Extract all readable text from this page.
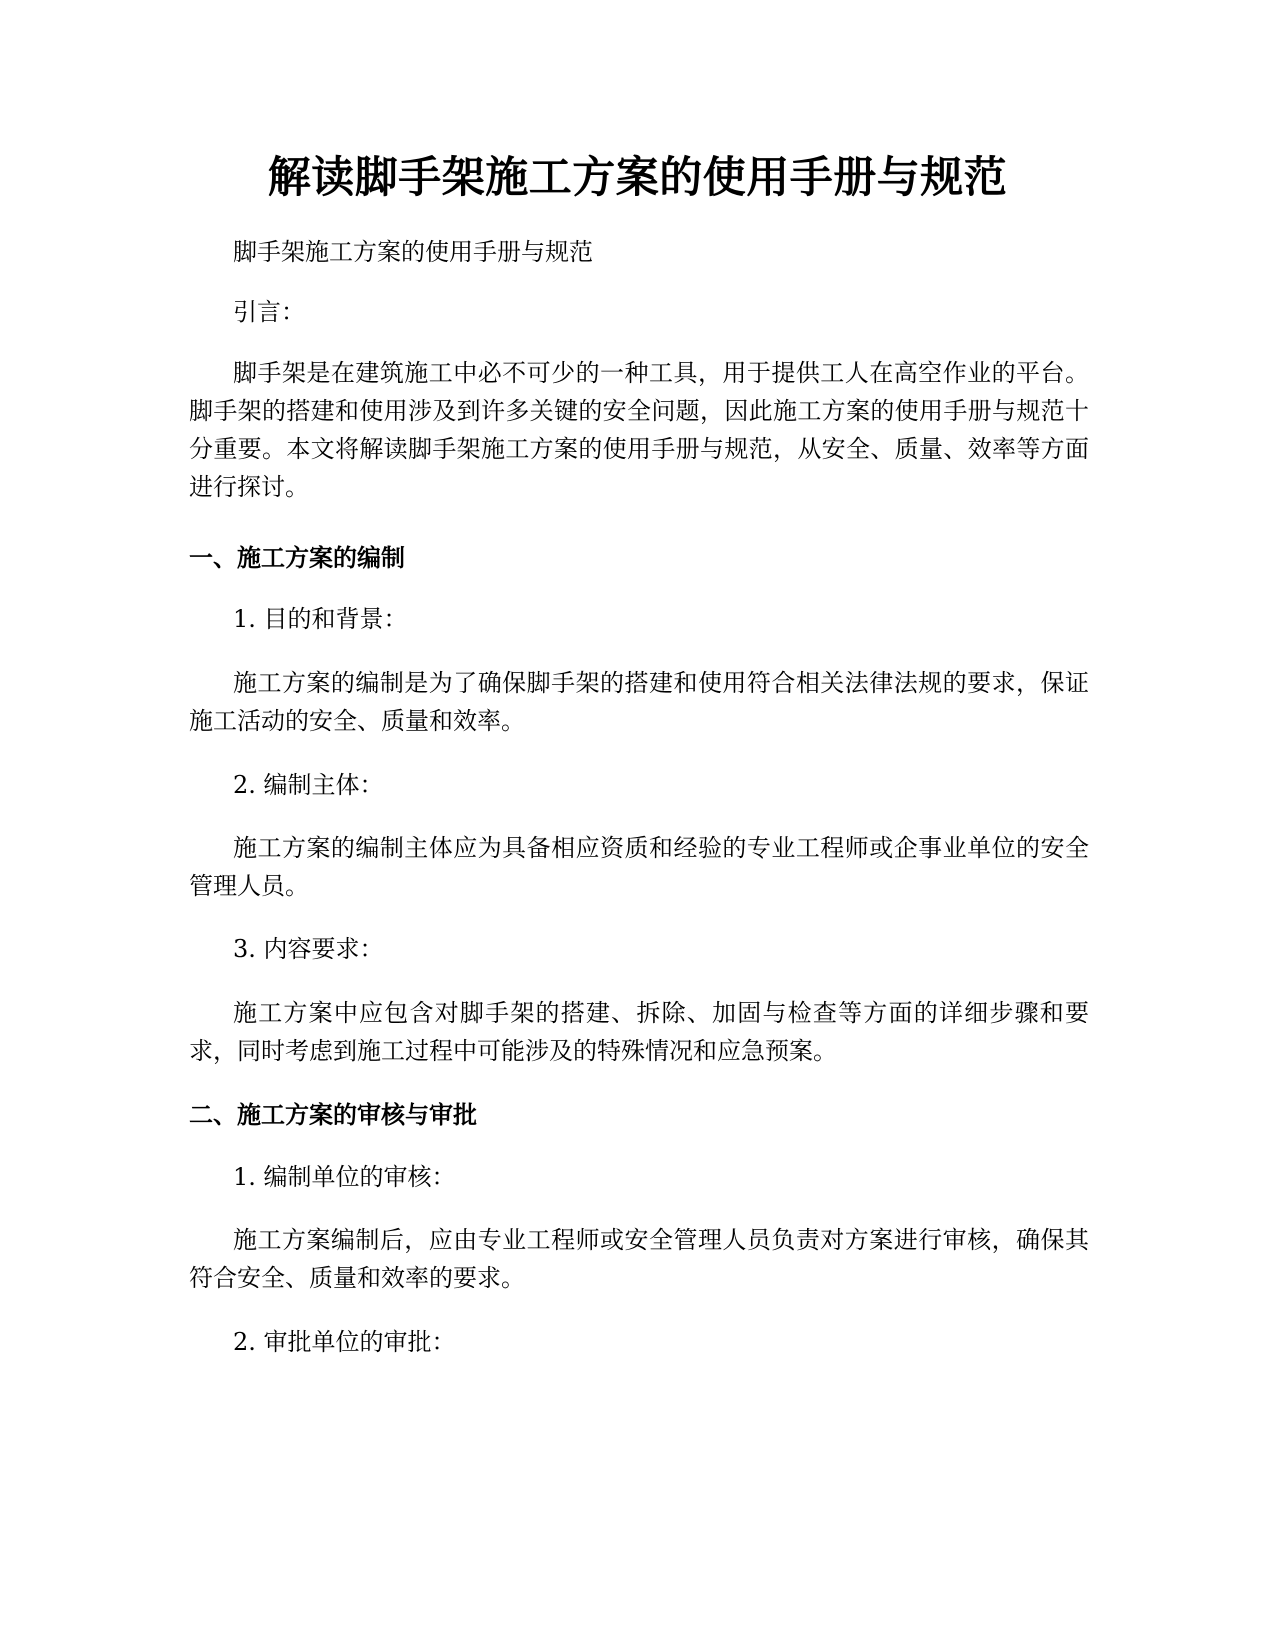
解读脚手架施工方案的使用手册与规范

脚手架施工方案的使用手册与规范

引言：

脚手架是在建筑施工中必不可少的一种工具，用于提供工人在高空作业的平台。脚手架的搭建和使用涉及到许多关键的安全问题，因此施工方案的使用手册与规范十分重要。本文将解读脚手架施工方案的使用手册与规范，从安全、质量、效率等方面进行探讨。

一、施工方案的编制

1. 目的和背景：

施工方案的编制是为了确保脚手架的搭建和使用符合相关法律法规的要求，保证施工活动的安全、质量和效率。

2. 编制主体：

施工方案的编制主体应为具备相应资质和经验的专业工程师或企事业单位的安全管理人员。

3. 内容要求：

施工方案中应包含对脚手架的搭建、拆除、加固与检查等方面的详细步骤和要求，同时考虑到施工过程中可能涉及的特殊情况和应急预案。

二、施工方案的审核与审批

1. 编制单位的审核：

施工方案编制后，应由专业工程师或安全管理人员负责对方案进行审核，确保其符合安全、质量和效率的要求。

2. 审批单位的审批：
